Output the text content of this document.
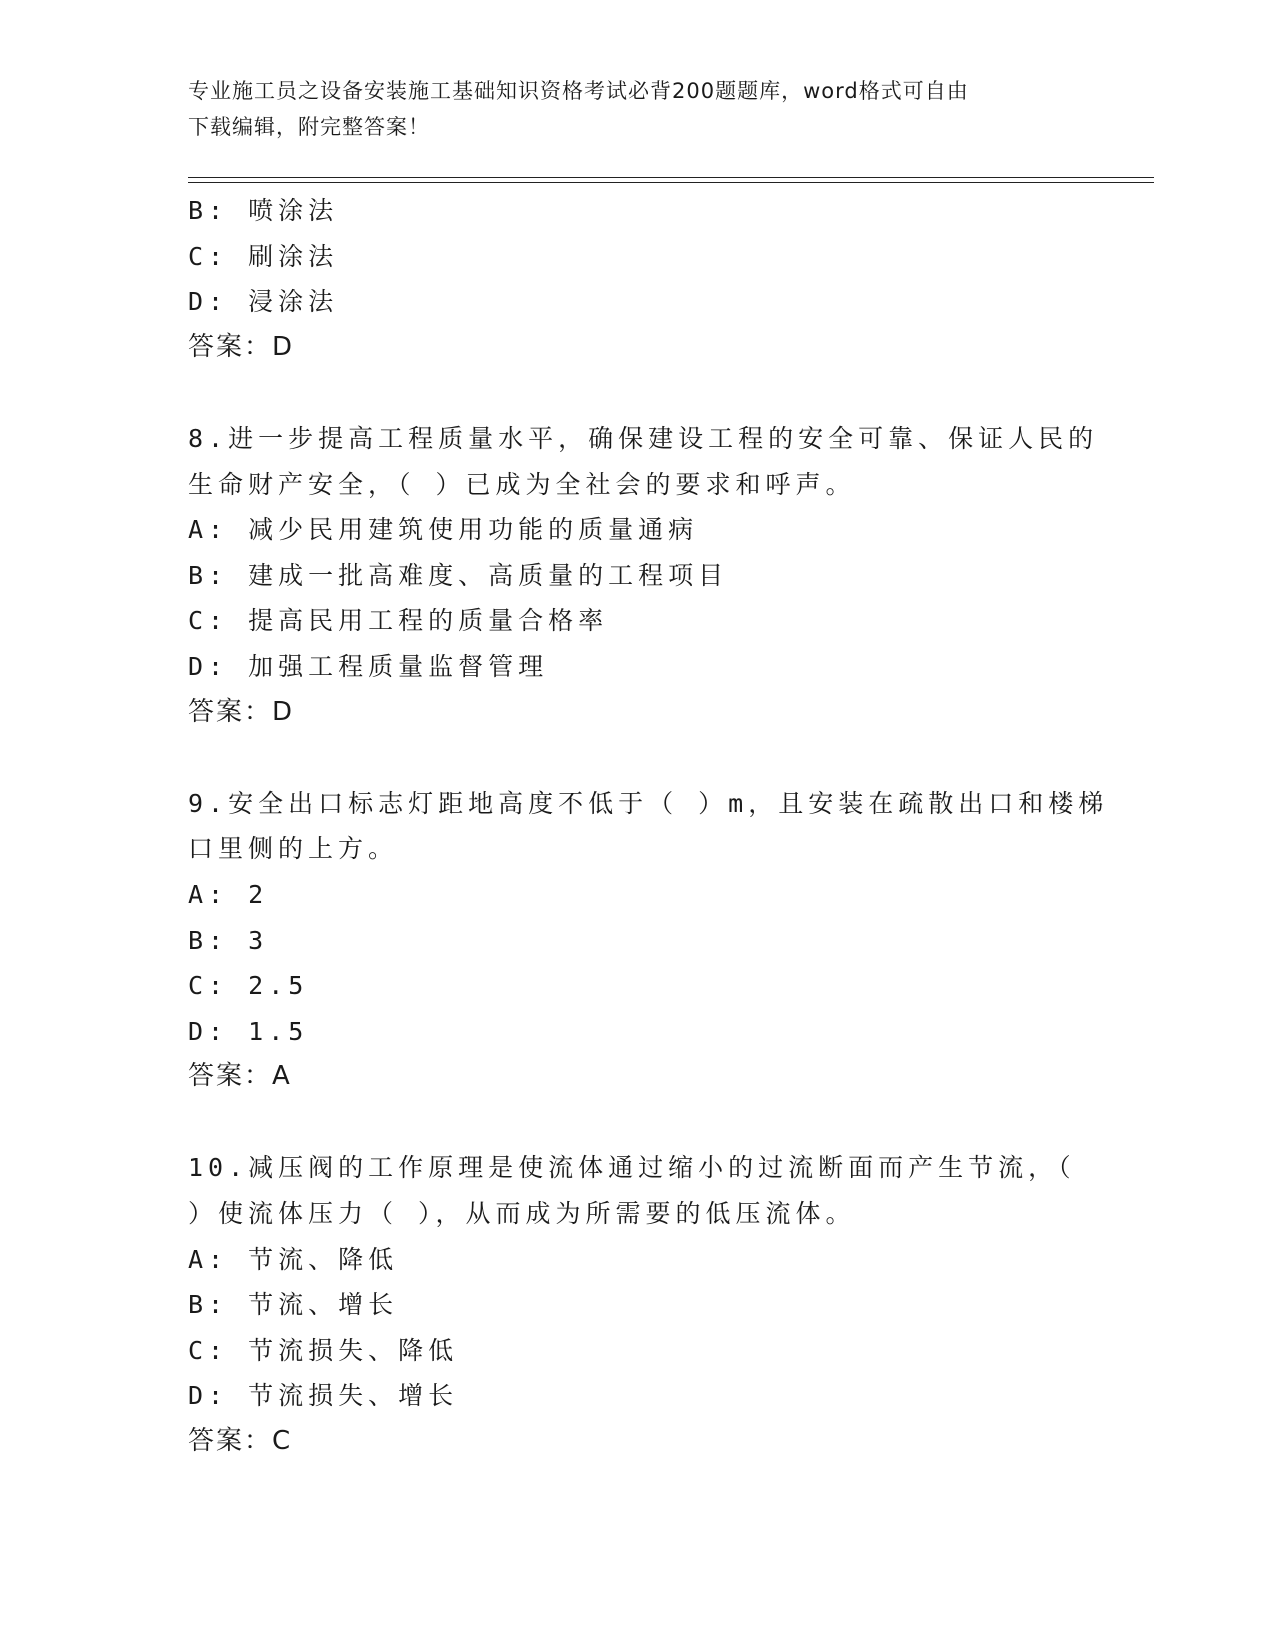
专业施工员之设备安装施工基础知识资格考试必背200题题库，word格式可自由
下载编辑，附完整答案！
B: 喷涂法
C: 刷涂法
D: 浸涂法
答案：D
8.进一步提高工程质量水平，确保建设工程的安全可靠、保证人民的
生命财产安全，（ ）已成为全社会的要求和呼声。
A: 减少民用建筑使用功能的质量通病
B: 建成一批高难度、高质量的工程项目
C: 提高民用工程的质量合格率
D: 加强工程质量监督管理
答案：D
9.安全出口标志灯距地高度不低于（ ）m，且安装在疏散出口和楼梯
口里侧的上方。
A: 2
B: 3
C: 2.5
D: 1.5
答案：A
10.减压阀的工作原理是使流体通过缩小的过流断面而产生节流，（
）使流体压力（ ），从而成为所需要的低压流体。
A: 节流、降低
B: 节流、增长
C: 节流损失、降低
D: 节流损失、增长
答案：C
